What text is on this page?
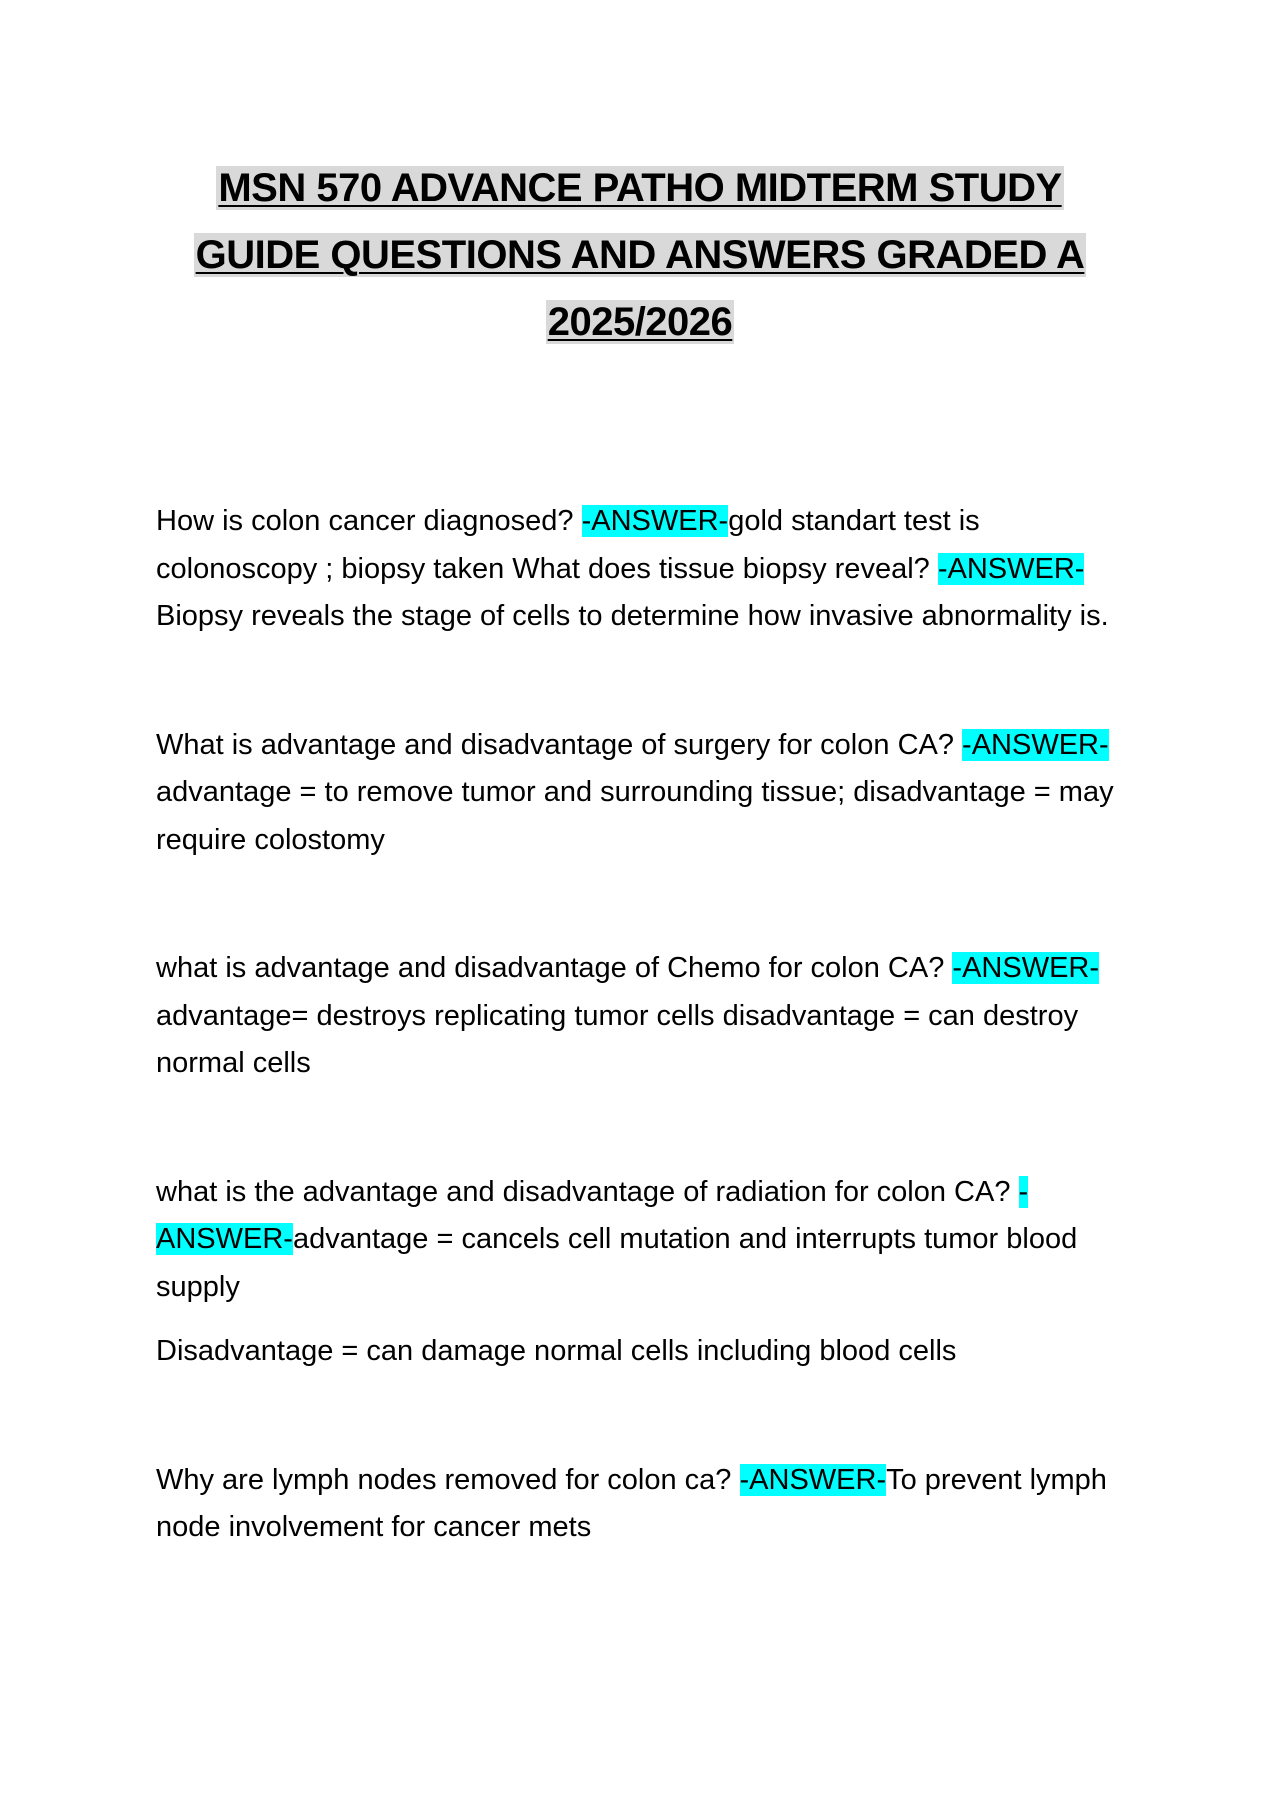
MSN 570 ADVANCE PATHO MIDTERM STUDY
GUIDE QUESTIONS AND ANSWERS GRADED A
2025/2026

How is colon cancer diagnosed? -ANSWER-gold standart test is colonoscopy ; biopsy taken What does tissue biopsy reveal? -ANSWER-Biopsy reveals the stage of cells to determine how invasive abnormality is.

What is advantage and disadvantage of surgery for colon CA? -ANSWER-advantage = to remove tumor and surrounding tissue; disadvantage = may require colostomy

what is advantage and disadvantage of Chemo for colon CA? -ANSWER-advantage= destroys replicating tumor cells disadvantage = can destroy normal cells

what is the advantage and disadvantage of radiation for colon CA? -ANSWER-advantage = cancels cell mutation and interrupts tumor blood supply

Disadvantage = can damage normal cells including blood cells

Why are lymph nodes removed for colon ca? -ANSWER-To prevent lymph node involvement for cancer mets
